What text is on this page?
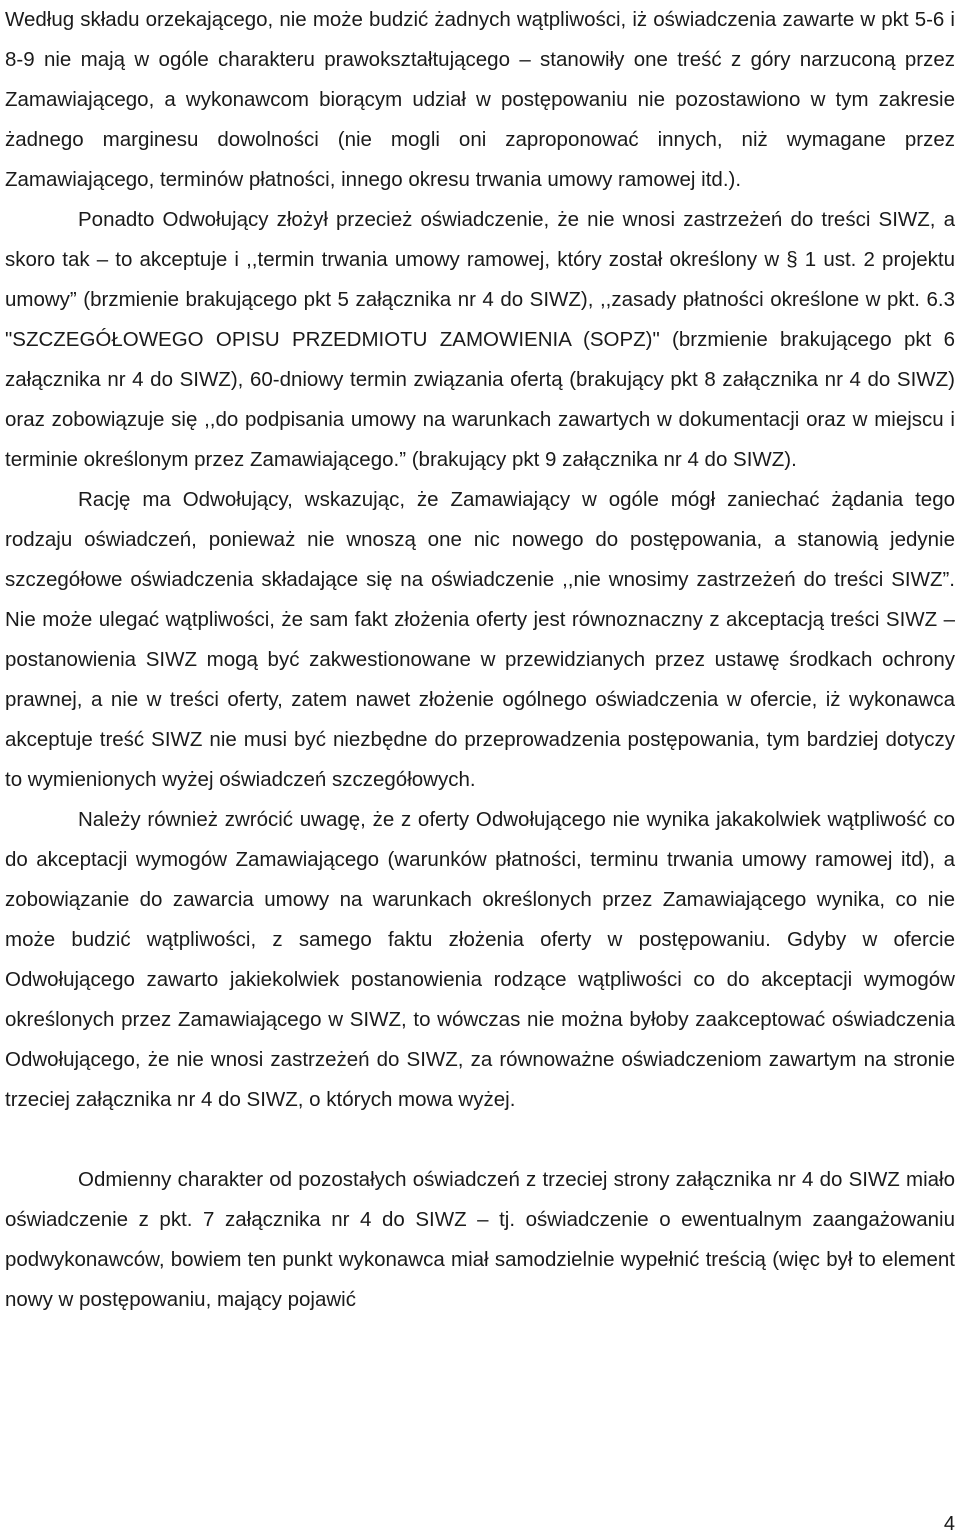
Według składu orzekającego, nie może budzić żadnych wątpliwości, iż oświadczenia zawarte w pkt 5-6 i 8-9 nie mają w ogóle charakteru prawokształtującego – stanowiły one treść z góry narzuconą przez Zamawiającego, a wykonawcom biorącym udział w postępowaniu nie pozostawiono w tym zakresie żadnego marginesu dowolności (nie mogli oni zaproponować innych, niż wymagane przez Zamawiającego, terminów płatności, innego okresu trwania umowy ramowej itd.).

Ponadto Odwołujący złożył przecież oświadczenie, że nie wnosi zastrzeżeń do treści SIWZ, a skoro tak – to akceptuje i ,,termin trwania umowy ramowej, który został określony w § 1 ust. 2 projektu umowy” (brzmienie brakującego pkt 5 załącznika nr 4 do SIWZ), ,,zasady płatności określone w pkt. 6.3 "SZCZEGÓŁOWEGO OPISU PRZEDMIOTU ZAMOWIENIA (SOPZ)" (brzmienie brakującego pkt 6 załącznika nr 4 do SIWZ), 60-dniowy termin związania ofertą (brakujący pkt 8 załącznika nr 4 do SIWZ) oraz zobowiązuje się ,,do podpisania umowy na warunkach zawartych w dokumentacji oraz w miejscu i terminie określonym przez Zamawiającego.” (brakujący pkt 9 załącznika nr 4 do SIWZ).

Rację ma Odwołujący, wskazując, że Zamawiający w ogóle mógł zaniechać żądania tego rodzaju oświadczeń, ponieważ nie wnoszą one nic nowego do postępowania, a stanowią jedynie szczegółowe oświadczenia składające się na oświadczenie ,,nie wnosimy zastrzeżeń do treści SIWZ”. Nie może ulegać wątpliwości, że sam fakt złożenia oferty jest równoznaczny z akceptacją treści SIWZ – postanowienia SIWZ mogą być zakwestionowane w przewidzianych przez ustawę środkach ochrony prawnej, a nie w treści oferty, zatem nawet złożenie ogólnego oświadczenia w ofercie, iż wykonawca akceptuje treść SIWZ nie musi być niezbędne do przeprowadzenia postępowania, tym bardziej dotyczy to wymienionych wyżej oświadczeń szczegółowych.

Należy również zwrócić uwagę, że z oferty Odwołującego nie wynika jakakolwiek wątpliwość co do akceptacji wymogów Zamawiającego (warunków płatności, terminu trwania umowy ramowej itd), a zobowiązanie do zawarcia umowy na warunkach określonych przez Zamawiającego wynika, co nie może budzić wątpliwości, z samego faktu złożenia oferty w postępowaniu. Gdyby w ofercie Odwołującego zawarto jakiekolwiek postanowienia rodzące wątpliwości co do akceptacji wymogów określonych przez Zamawiającego w SIWZ, to wówczas nie można byłoby zaakceptować oświadczenia Odwołującego, że nie wnosi zastrzeżeń do SIWZ, za równoważne oświadczeniom zawartym na stronie trzeciej załącznika nr 4 do SIWZ, o których mowa wyżej.

Odmienny charakter od pozostałych oświadczeń z trzeciej strony załącznika nr 4 do SIWZ miało oświadczenie z pkt. 7 załącznika nr 4 do SIWZ – tj. oświadczenie o ewentualnym zaangażowaniu podwykonawców, bowiem ten punkt wykonawca miał samodzielnie wypełnić treścią (więc był to element nowy w postępowaniu, mający pojawić

4
